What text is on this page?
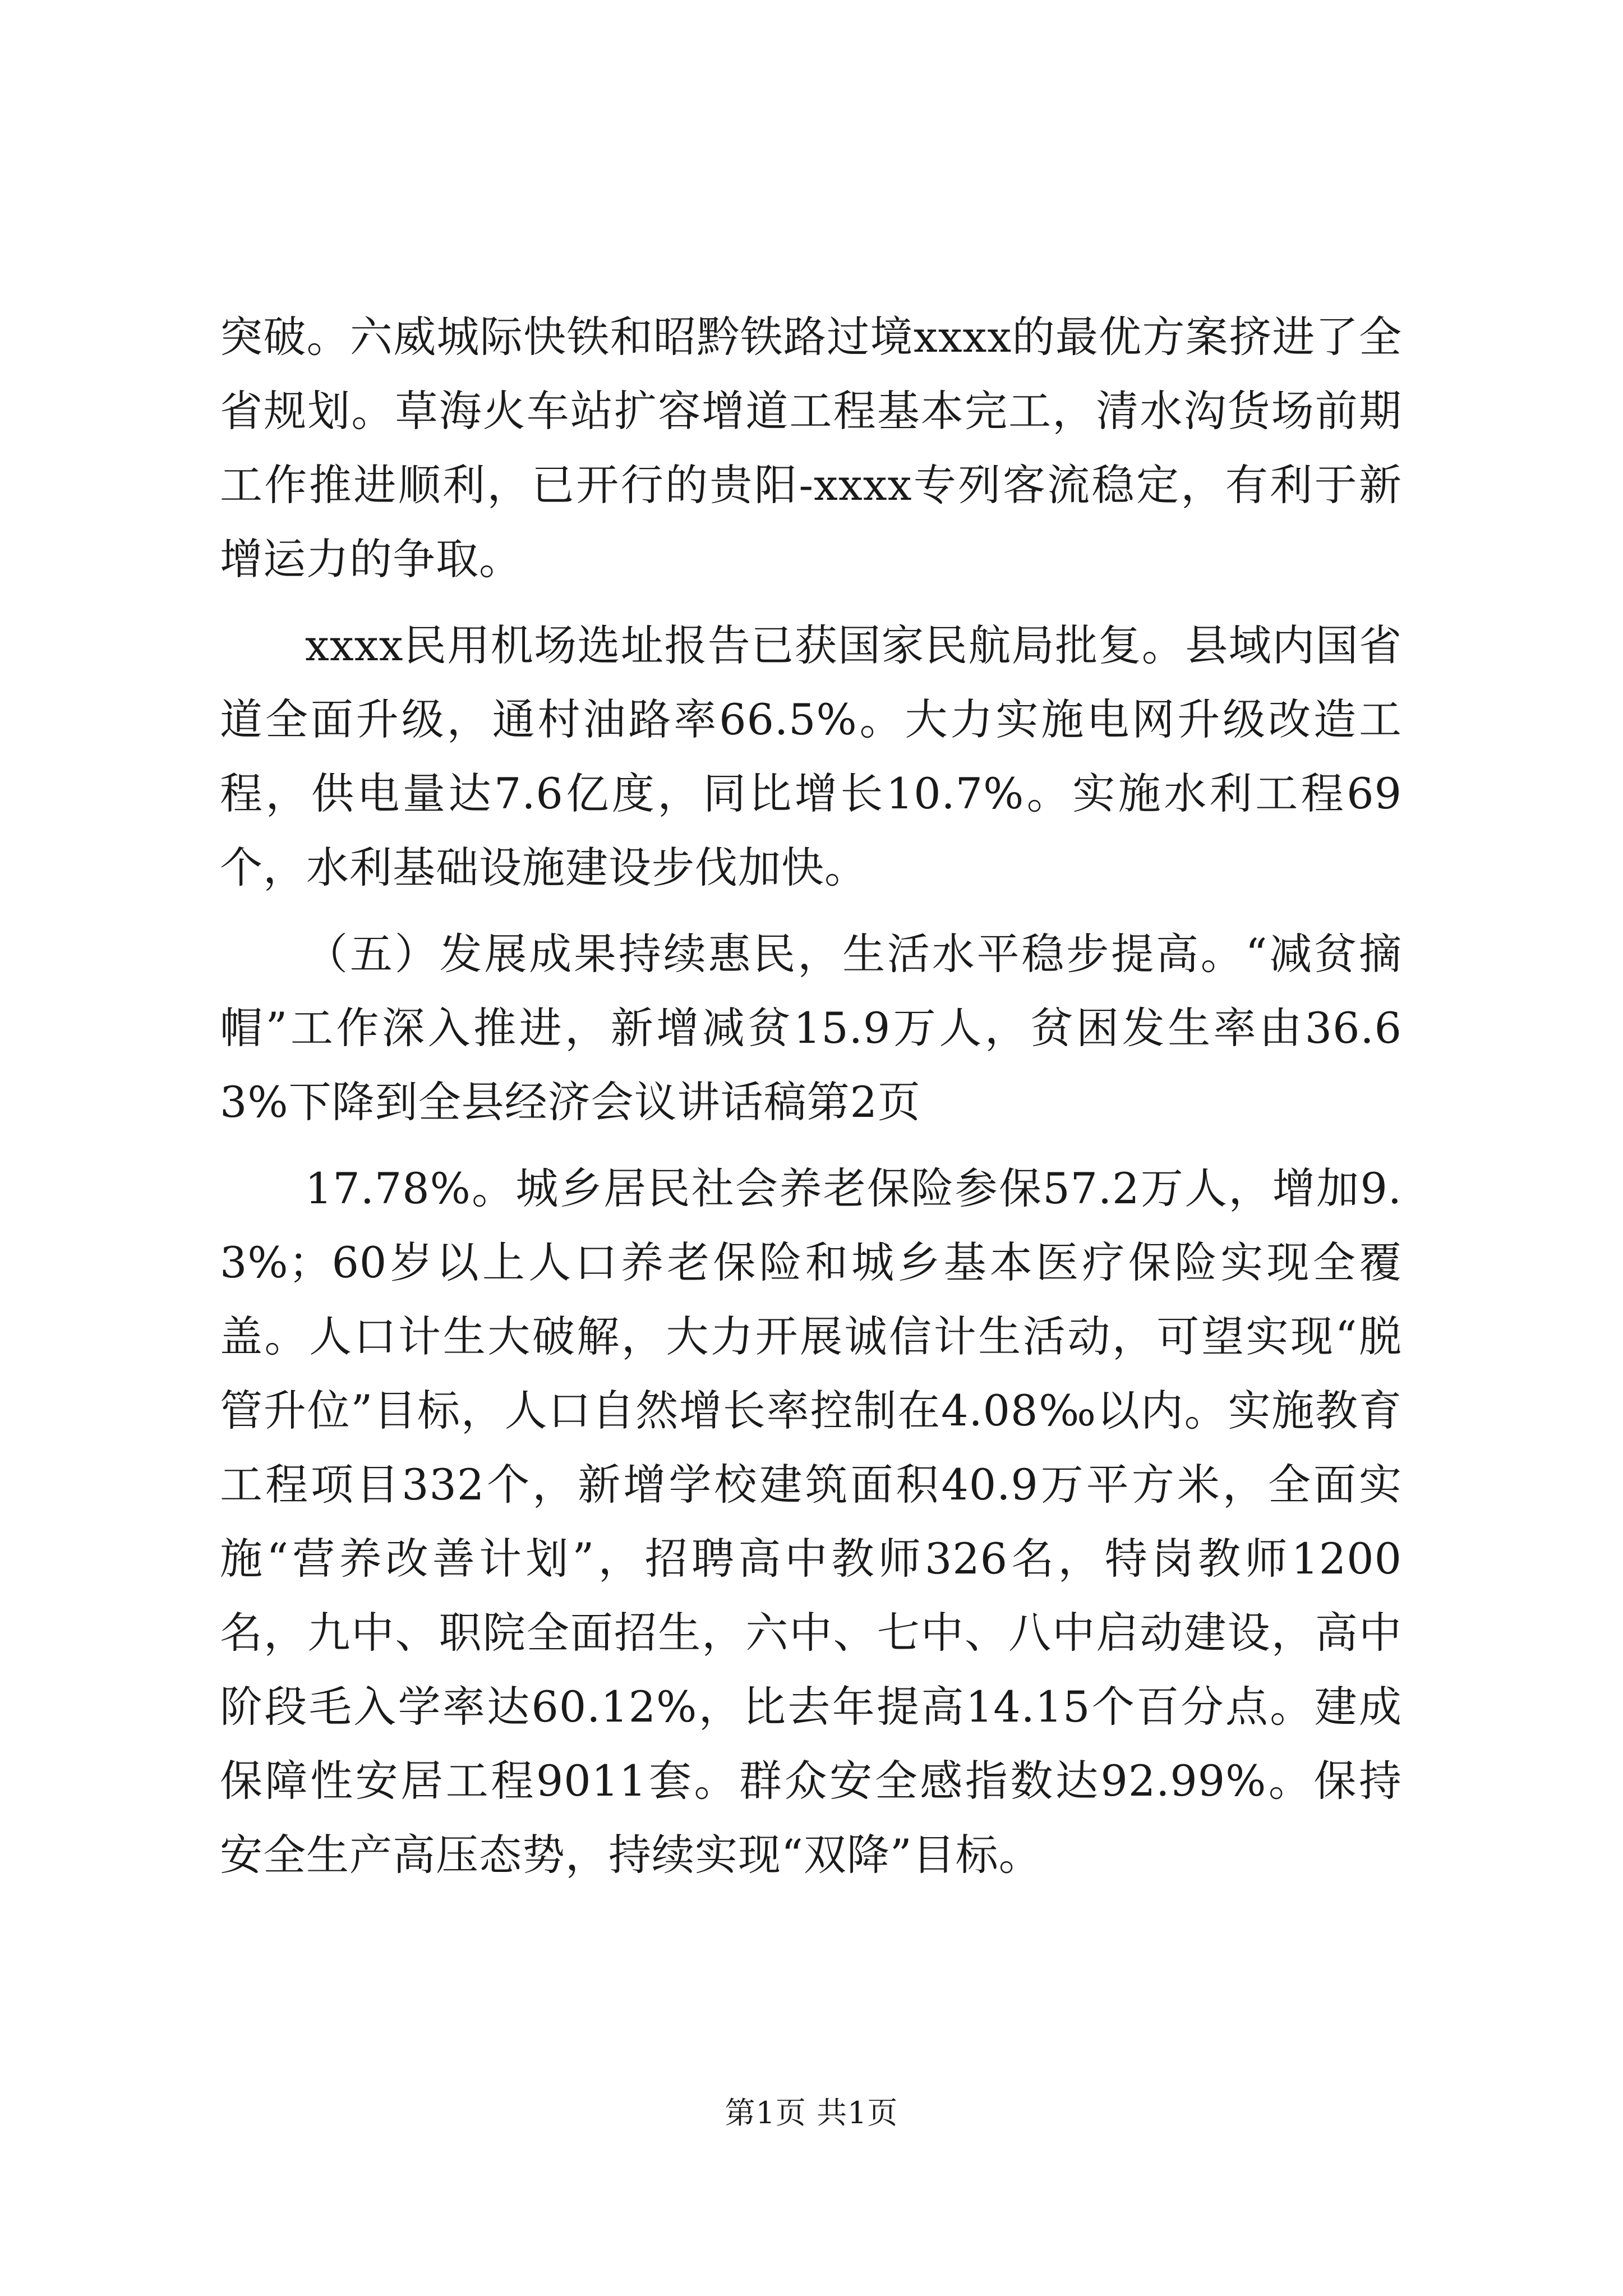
突破。六威城际快铁和昭黔铁路过境xxxx的最优方案挤进了全省规划。草海火车站扩容增道工程基本完工，清水沟货场前期工作推进顺利，已开行的贵阳-xxxx专列客流稳定，有利于新增运力的争取。

xxxx民用机场选址报告已获国家民航局批复。县域内国省道全面升级，通村油路率66.5%。大力实施电网升级改造工程，供电量达7.6亿度，同比增长10.7%。实施水利工程69个，水利基础设施建设步伐加快。

（五）发展成果持续惠民，生活水平稳步提高。“减贫摘帽”工作深入推进，新增减贫15.9万人，贫困发生率由36.63%下降到全县经济会议讲话稿第2页

17.78%。城乡居民社会养老保险参保57.2万人，增加9.3%；60岁以上人口养老保险和城乡基本医疗保险实现全覆盖。人口计生大破解，大力开展诚信计生活动，可望实现“脱管升位”目标，人口自然增长率控制在4.08‰以内。实施教育工程项目332个，新增学校建筑面积40.9万平方米，全面实施“营养改善计划”，招聘高中教师326名，特岗教师1200名，九中、职院全面招生，六中、七中、八中启动建设，高中阶段毛入学率达60.12%，比去年提高14.15个百分点。建成保障性安居工程9011套。群众安全感指数达92.99%。保持安全生产高压态势，持续实现“双降”目标。

第1页 共1页
